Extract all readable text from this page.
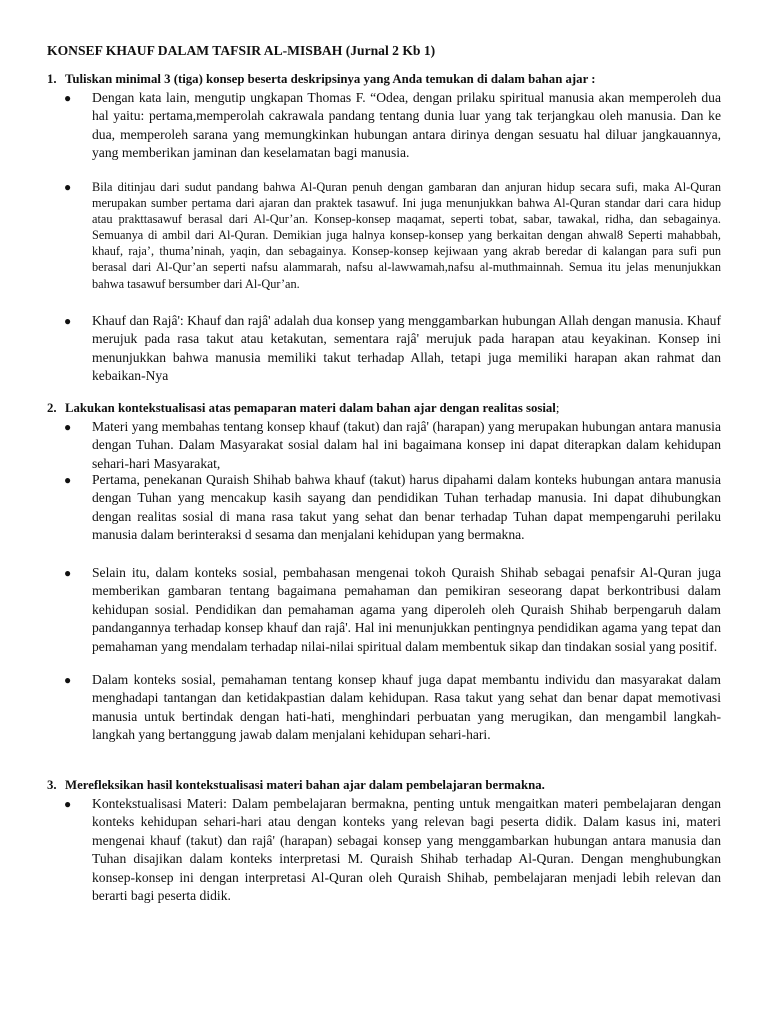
KONSEF KHAUF DALAM TAFSIR AL-MISBAH (Jurnal 2 Kb 1)
1. Tuliskan minimal 3 (tiga) konsep beserta deskripsinya yang Anda temukan di dalam bahan ajar :
● Dengan kata lain, mengutip ungkapan Thomas F. “Odea, dengan prilaku spiritual manusia akan memperoleh dua hal yaitu: pertama,memperolah cakrawala pandang tentang dunia luar yang tak terjangkau oleh manusia. Dan ke dua, memperoleh sarana yang memungkinkan hubungan antara dirinya dengan sesuatu hal diluar jangkauannya, yang memberikan jaminan dan keselamatan bagi manusia.
● Bila ditinjau dari sudut pandang bahwa Al-Quran penuh dengan gambaran dan anjuran hidup secara sufi, maka Al-Quran merupakan sumber pertama dari ajaran dan praktek tasawuf. Ini juga menunjukkan bahwa Al-Quran standar dari cara hidup atau prakttasawuf berasal dari Al-Qur’an. Konsep-konsep maqamat, seperti tobat, sabar, tawakal, ridha, dan sebagainya. Semuanya di ambil dari Al-Quran. Demikian juga halnya konsep-konsep yang berkaitan dengan ahwal8 Seperti mahabbah, khauf, raja’, thuma’ninah, yaqin, dan sebagainya. Konsep-konsep kejiwaan yang akrab beredar di kalangan para sufi pun berasal dari Al-Qur’an seperti nafsu alammarah, nafsu al-lawwamah,nafsu al-muthmainnah. Semua itu jelas menunjukkan bahwa tasawuf bersumber dari Al-Qur’an.
● Khauf dan Rajâ': Khauf dan rajâ' adalah dua konsep yang menggambarkan hubungan Allah dengan manusia. Khauf merujuk pada rasa takut atau ketakutan, sementara rajâ' merujuk pada harapan atau keyakinan. Konsep ini menunjukkan bahwa manusia memiliki takut terhadap Allah, tetapi juga memiliki harapan akan rahmat dan kebaikan-Nya
2. Lakukan kontekstualisasi atas pemaparan materi dalam bahan ajar dengan realitas sosial;
● Materi yang membahas tentang konsep khauf (takut) dan rajâ' (harapan) yang merupakan hubungan antara manusia dengan Tuhan. Dalam Masyarakat sosial dalam hal ini bagaimana konsep ini dapat diterapkan dalam kehidupan sehari-hari Masyarakat,
● Pertama, penekanan Quraish Shihab bahwa khauf (takut) harus dipahami dalam konteks hubungan antara manusia dengan Tuhan yang mencakup kasih sayang dan pendidikan Tuhan terhadap manusia. Ini dapat dihubungkan dengan realitas sosial di mana rasa takut yang sehat dan benar terhadap Tuhan dapat mempengaruhi perilaku manusia dalam berinteraksi d sesama dan menjalani kehidupan yang bermakna.
● Selain itu, dalam konteks sosial, pembahasan mengenai tokoh Quraish Shihab sebagai penafsir Al-Quran juga memberikan gambaran tentang bagaimana pemahaman dan pemikiran seseorang dapat berkontribusi dalam kehidupan sosial. Pendidikan dan pemahaman agama yang diperoleh oleh Quraish Shihab berpengaruh dalam pandangannya terhadap konsep khauf dan rajâ'. Hal ini menunjukkan pentingnya pendidikan agama yang tepat dan pemahaman yang mendalam terhadap nilai-nilai spiritual dalam membentuk sikap dan tindakan sosial yang positif.
● Dalam konteks sosial, pemahaman tentang konsep khauf juga dapat membantu individu dan masyarakat dalam menghadapi tantangan dan ketidakpastian dalam kehidupan. Rasa takut yang sehat dan benar dapat memotivasi manusia untuk bertindak dengan hati-hati, menghindari perbuatan yang merugikan, dan mengambil langkah-langkah yang bertanggung jawab dalam menjalani kehidupan sehari-hari.
3. Merefleksikan hasil kontekstualisasi materi bahan ajar dalam pembelajaran bermakna.
● Kontekstualisasi Materi: Dalam pembelajaran bermakna, penting untuk mengaitkan materi pembelajaran dengan konteks kehidupan sehari-hari atau dengan konteks yang relevan bagi peserta didik. Dalam kasus ini, materi mengenai khauf (takut) dan rajâ' (harapan) sebagai konsep yang menggambarkan hubungan antara manusia dan Tuhan disajikan dalam konteks interpretasi M. Quraish Shihab terhadap Al-Quran. Dengan menghubungkan konsep-konsep ini dengan interpretasi Al-Quran oleh Quraish Shihab, pembelajaran menjadi lebih relevan dan berarti bagi peserta didik.
